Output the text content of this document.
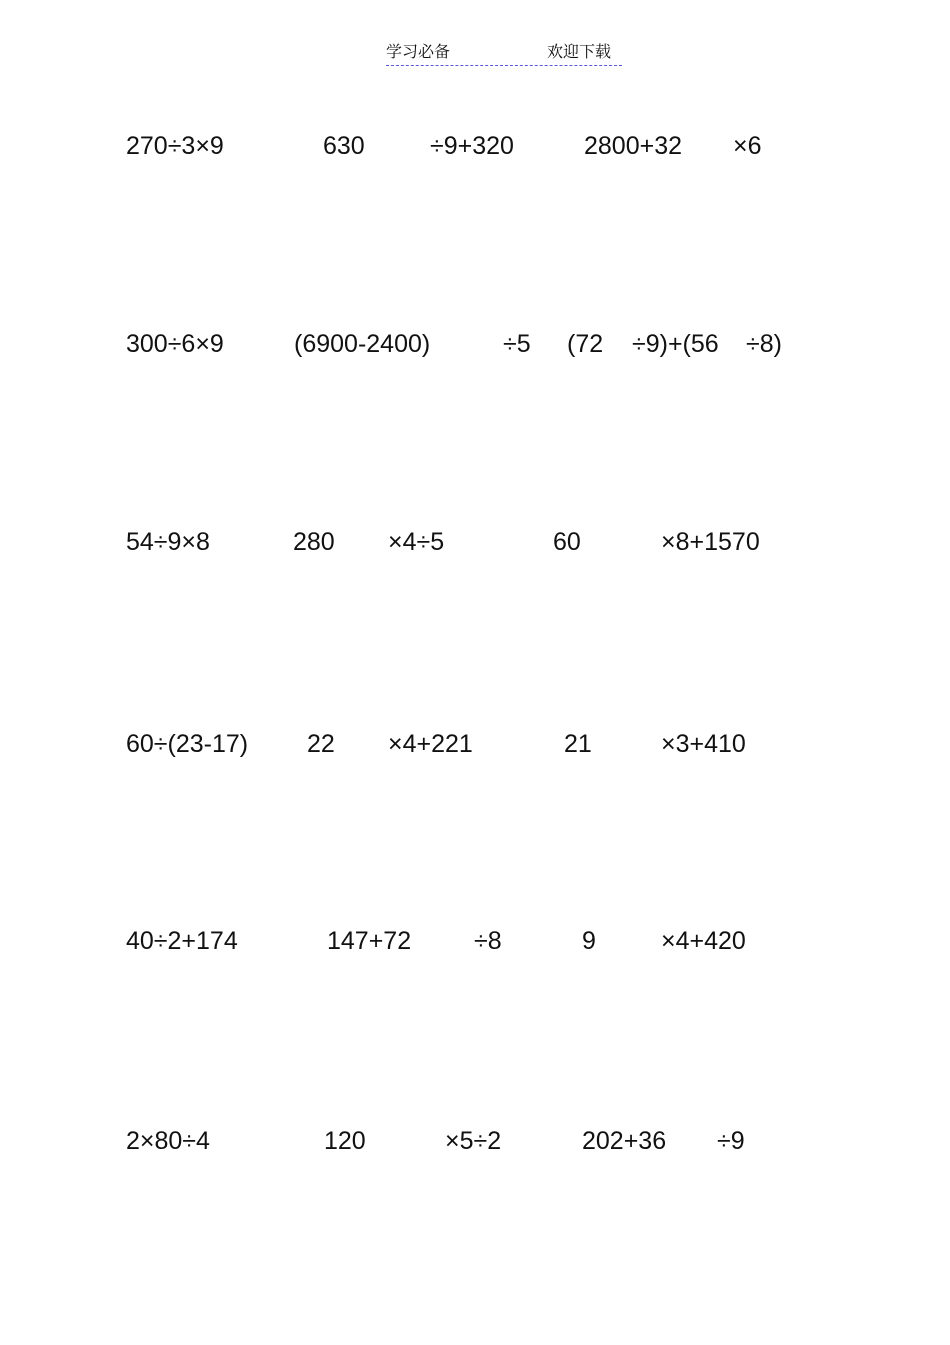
学习必备	欢迎下载
270÷3×9	630	÷9+320	2800+32 ×6
300÷6×9	(6900-2400)	÷5 (72 ÷9)+(56 ÷8)
54÷9×8	280 ×4÷5	60	×8+1570
60÷(23-17) 22 ×4+221	21	×3+410
40÷2+174	147+72	÷8	9	×4+420
2×80÷4	120	×5÷2	202+36 ÷9
